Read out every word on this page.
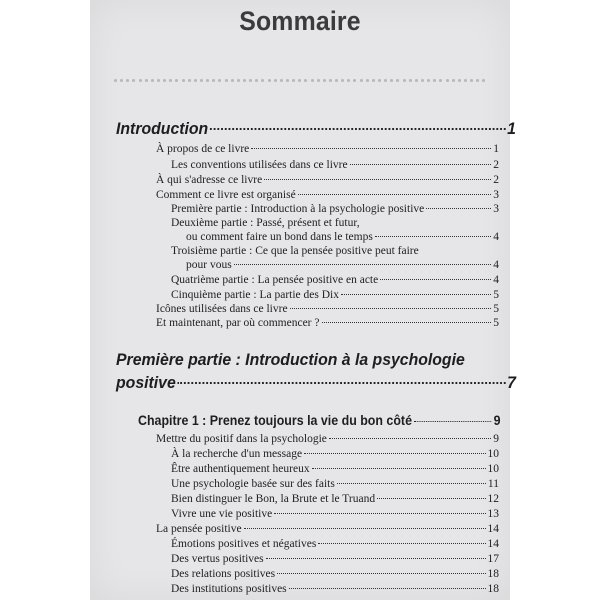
Sommaire
Introduction	1
À propos de ce livre	1
Les conventions utilisées dans ce livre	2
À qui s'adresse ce livre	2
Comment ce livre est organisé	3
Première partie : Introduction à la psychologie positive	3
Deuxième partie : Passé, présent et futur,
ou comment faire un bond dans le temps	4
Troisième partie : Ce que la pensée positive peut faire
pour vous	4
Quatrième partie : La pensée positive en acte	4
Cinquième partie : La partie des Dix	5
Icônes utilisées dans ce livre	5
Et maintenant, par où commencer ?	5
Première partie : Introduction à la psychologie
positive	7
Chapitre 1 : Prenez toujours la vie du bon côté	9
Mettre du positif dans la psychologie	9
À la recherche d'un message	10
Être authentiquement heureux	10
Une psychologie basée sur des faits	11
Bien distinguer le Bon, la Brute et le Truand	12
Vivre une vie positive	13
La pensée positive	14
Émotions positives et négatives	14
Des vertus positives	17
Des relations positives	18
Des institutions positives	18
